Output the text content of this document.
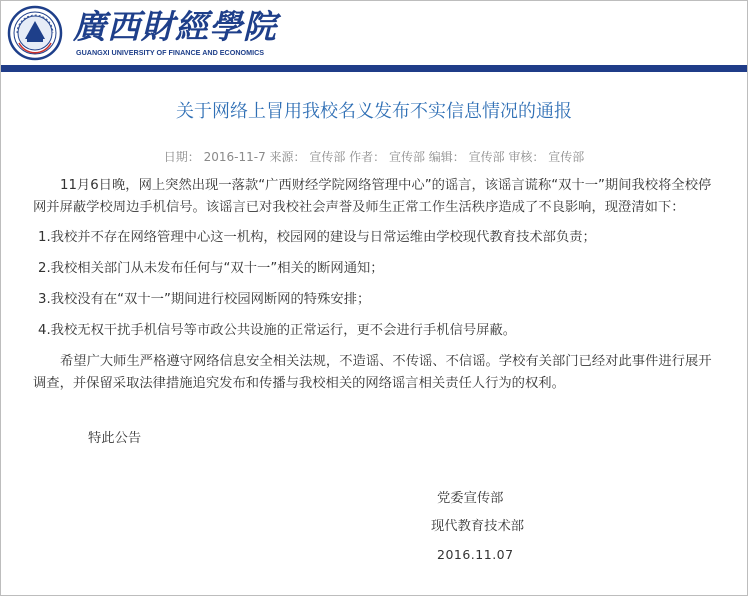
廣西財經學院
GUANGXI UNIVERSITY OF FINANCE AND ECONOMICS
关于网络上冒用我校名义发布不实信息情况的通报
日期： 2016-11-7 来源： 宣传部 作者： 宣传部 编辑： 宣传部 审核： 宣传部

11月6日晚，网上突然出现一落款“广西财经学院网络管理中心”的谣言，该谣言谎称“双十一”期间我校将全校停网并屏蔽学校周边手机信号。该谣言已对我校社会声誉及师生正常工作生活秩序造成了不良影响，现澄清如下：

1.我校并不存在网络管理中心这一机构，校园网的建设与日常运维由学校现代教育技术部负责；

2.我校相关部门从未发布任何与“双十一”相关的断网通知；

3.我校没有在“双十一”期间进行校园网断网的特殊安排；

4.我校无权干扰手机信号等市政公共设施的正常运行，更不会进行手机信号屏蔽。

希望广大师生严格遵守网络信息安全相关法规，不造谣、不传谣、不信谣。学校有关部门已经对此事件进行展开调查，并保留采取法律措施追究发布和传播与我校相关的网络谣言相关责任人行为的权利。

特此公告
党委宣传部
现代教育技术部
2016.11.07
